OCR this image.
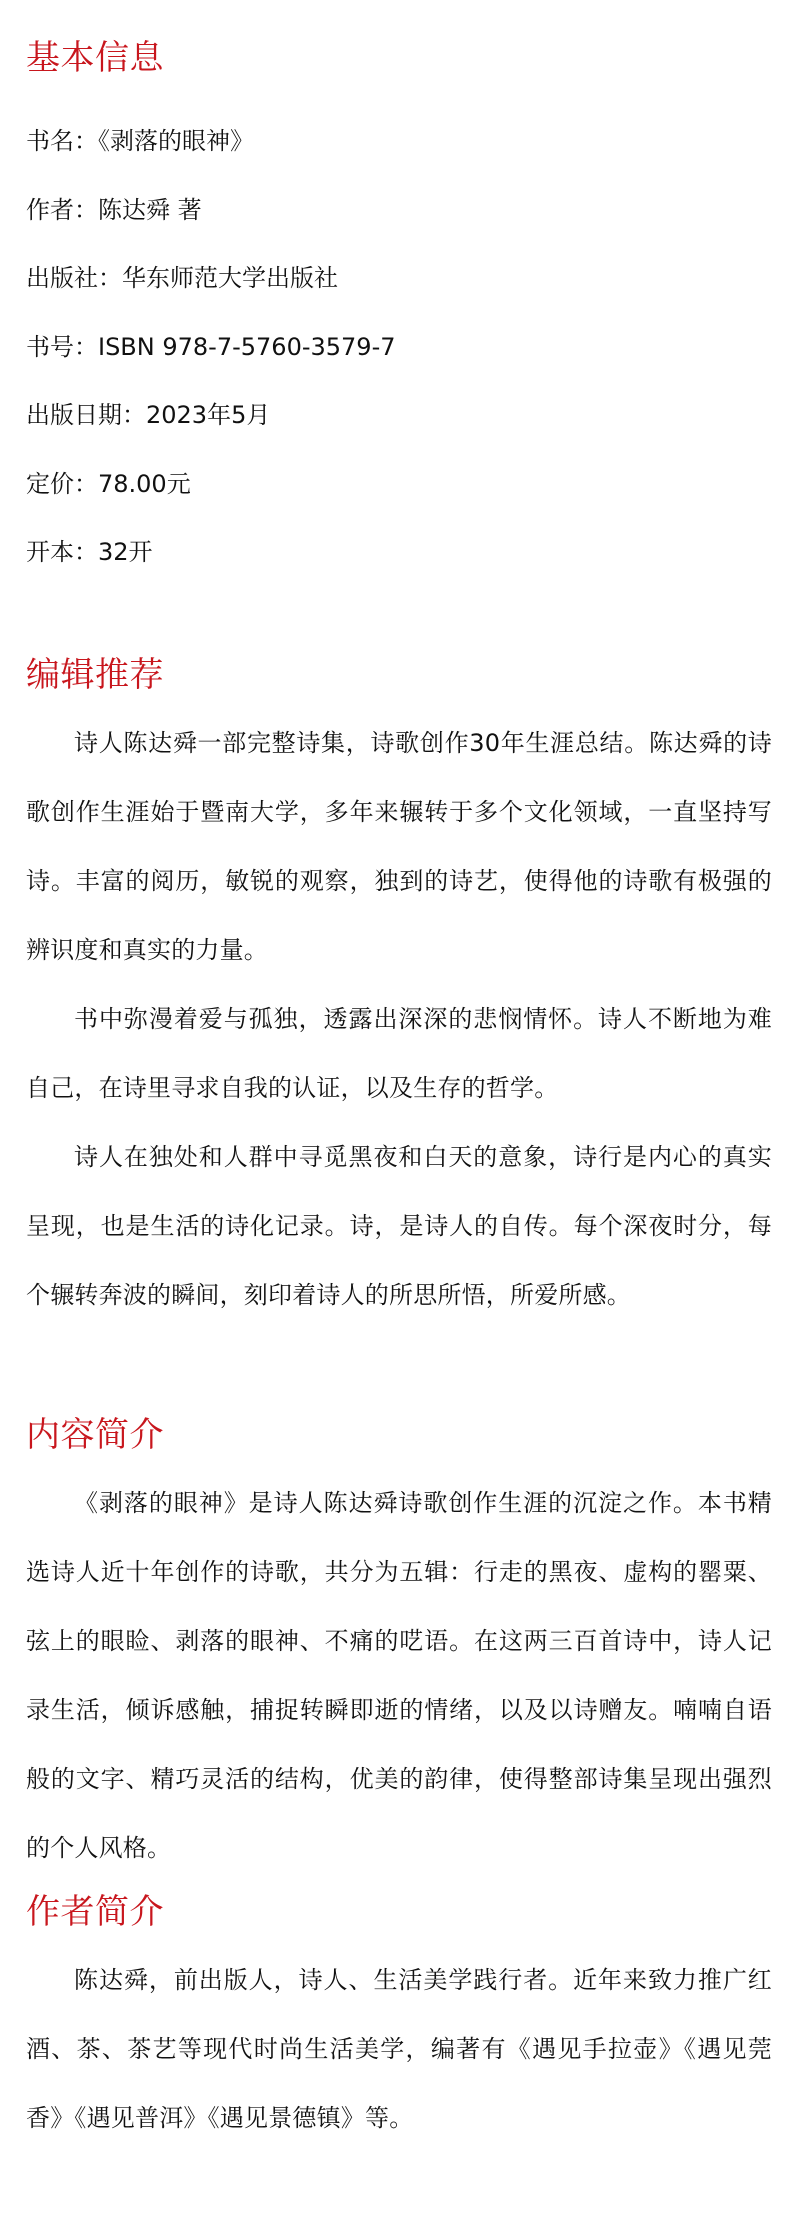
基本信息
书名：《剥落的眼神》
作者：陈达舜 著
出版社：华东师范大学出版社
书号：ISBN 978-7-5760-3579-7
出版日期：2023年5月
定价：78.00元
开本：32开
编辑推荐

诗人陈达舜一部完整诗集，诗歌创作30年生涯总结。陈达舜的诗歌创作生涯始于暨南大学，多年来辗转于多个文化领域，一直坚持写诗。丰富的阅历，敏锐的观察，独到的诗艺，使得他的诗歌有极强的辨识度和真实的力量。

书中弥漫着爱与孤独，透露出深深的悲悯情怀。诗人不断地为难自己，在诗里寻求自我的认证，以及生存的哲学。

诗人在独处和人群中寻觅黑夜和白天的意象，诗行是内心的真实呈现，也是生活的诗化记录。诗，是诗人的自传。每个深夜时分，每个辗转奔波的瞬间，刻印着诗人的所思所悟，所爱所感。

内容简介

《剥落的眼神》是诗人陈达舜诗歌创作生涯的沉淀之作。本书精选诗人近十年创作的诗歌，共分为五辑：行走的黑夜、虚构的罂粟、弦上的眼睑、剥落的眼神、不痛的呓语。在这两三百首诗中，诗人记录生活，倾诉感触，捕捉转瞬即逝的情绪，以及以诗赠友。喃喃自语般的文字、精巧灵活的结构，优美的韵律，使得整部诗集呈现出强烈的个人风格。

作者简介

陈达舜，前出版人，诗人、生活美学践行者。近年来致力推广红酒、茶、茶艺等现代时尚生活美学，编著有《遇见手拉壶》《遇见莞香》《遇见普洱》《遇见景德镇》等。
